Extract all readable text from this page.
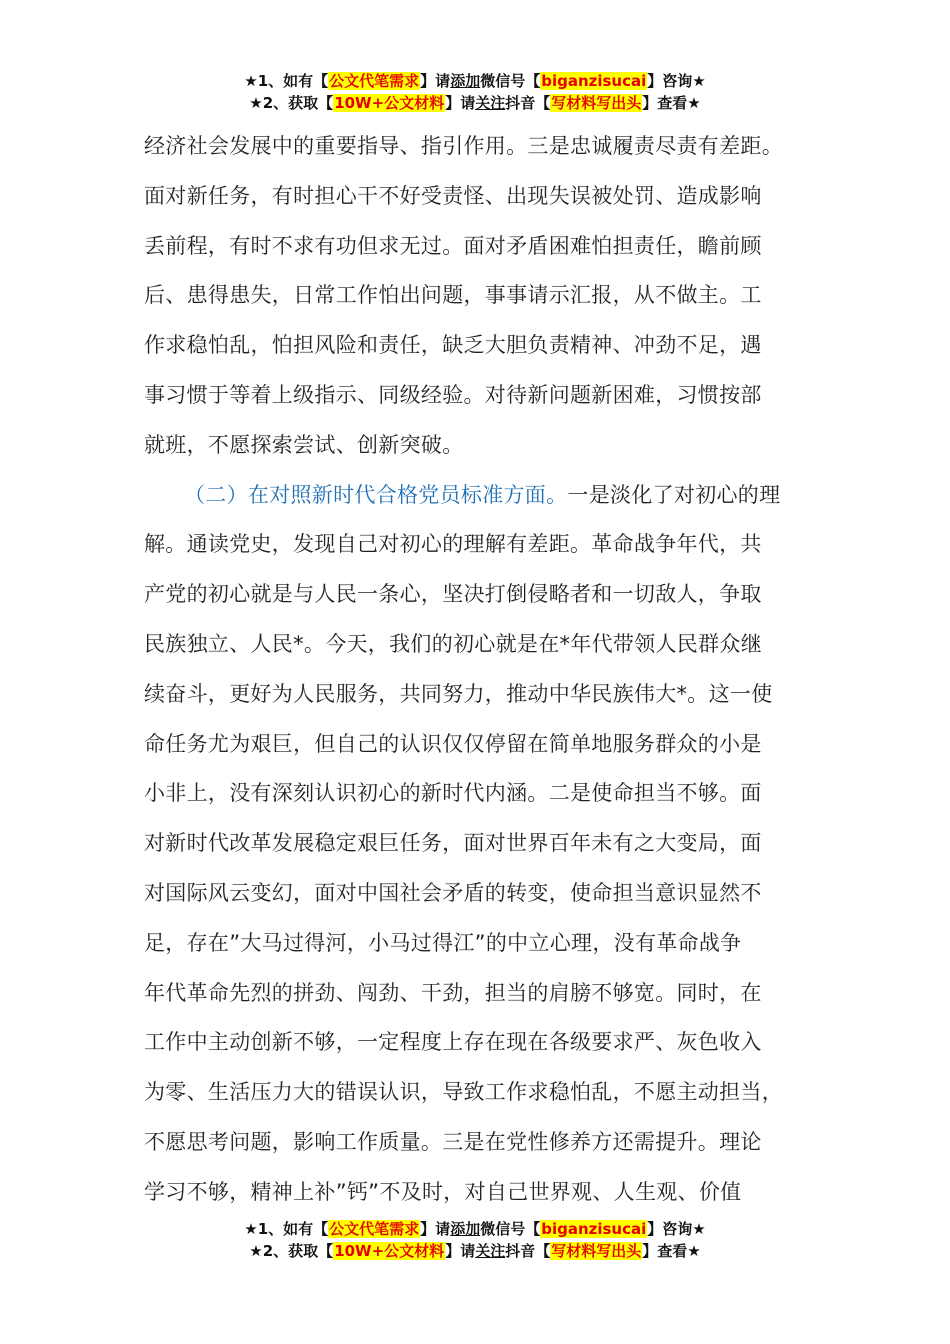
★1、如有【公文代笔需求】请添加微信号【biganzisucai】咨询★
★2、获取【10W+公文材料】请关注抖音【写材料写出头】查看★
经济社会发展中的重要指导、指引作用。三是忠诚履责尽责有差距。
面对新任务，有时担心干不好受责怪、出现失误被处罚、造成影响
丢前程，有时不求有功但求无过。面对矛盾困难怕担责任，瞻前顾
后、患得患失，日常工作怕出问题，事事请示汇报，从不做主。工
作求稳怕乱，怕担风险和责任，缺乏大胆负责精神、冲劲不足，遇
事习惯于等着上级指示、同级经验。对待新问题新困难，习惯按部
就班，不愿探索尝试、创新突破。
（二）在对照新时代合格党员标准方面。一是淡化了对初心的理
解。通读党史，发现自己对初心的理解有差距。革命战争年代，共
产党的初心就是与人民一条心，坚决打倒侵略者和一切敌人，争取
民族独立、人民*。今天，我们的初心就是在*年代带领人民群众继
续奋斗，更好为人民服务，共同努力，推动中华民族伟大*。这一使
命任务尤为艰巨，但自己的认识仅仅停留在简单地服务群众的小是
小非上，没有深刻认识初心的新时代内涵。二是使命担当不够。面
对新时代改革发展稳定艰巨任务，面对世界百年未有之大变局，面
对国际风云变幻，面对中国社会矛盾的转变，使命担当意识显然不
足，存在”大马过得河，小马过得江”的中立心理，没有革命战争
年代革命先烈的拼劲、闯劲、干劲，担当的肩膀不够宽。同时，在
工作中主动创新不够，一定程度上存在现在各级要求严、灰色收入
为零、生活压力大的错误认识，导致工作求稳怕乱，不愿主动担当，
不愿思考问题，影响工作质量。三是在党性修养方还需提升。理论
学习不够，精神上补”钙”不及时，对自己世界观、人生观、价值
★1、如有【公文代笔需求】请添加微信号【biganzisucai】咨询★
★2、获取【10W+公文材料】请关注抖音【写材料写出头】查看★
